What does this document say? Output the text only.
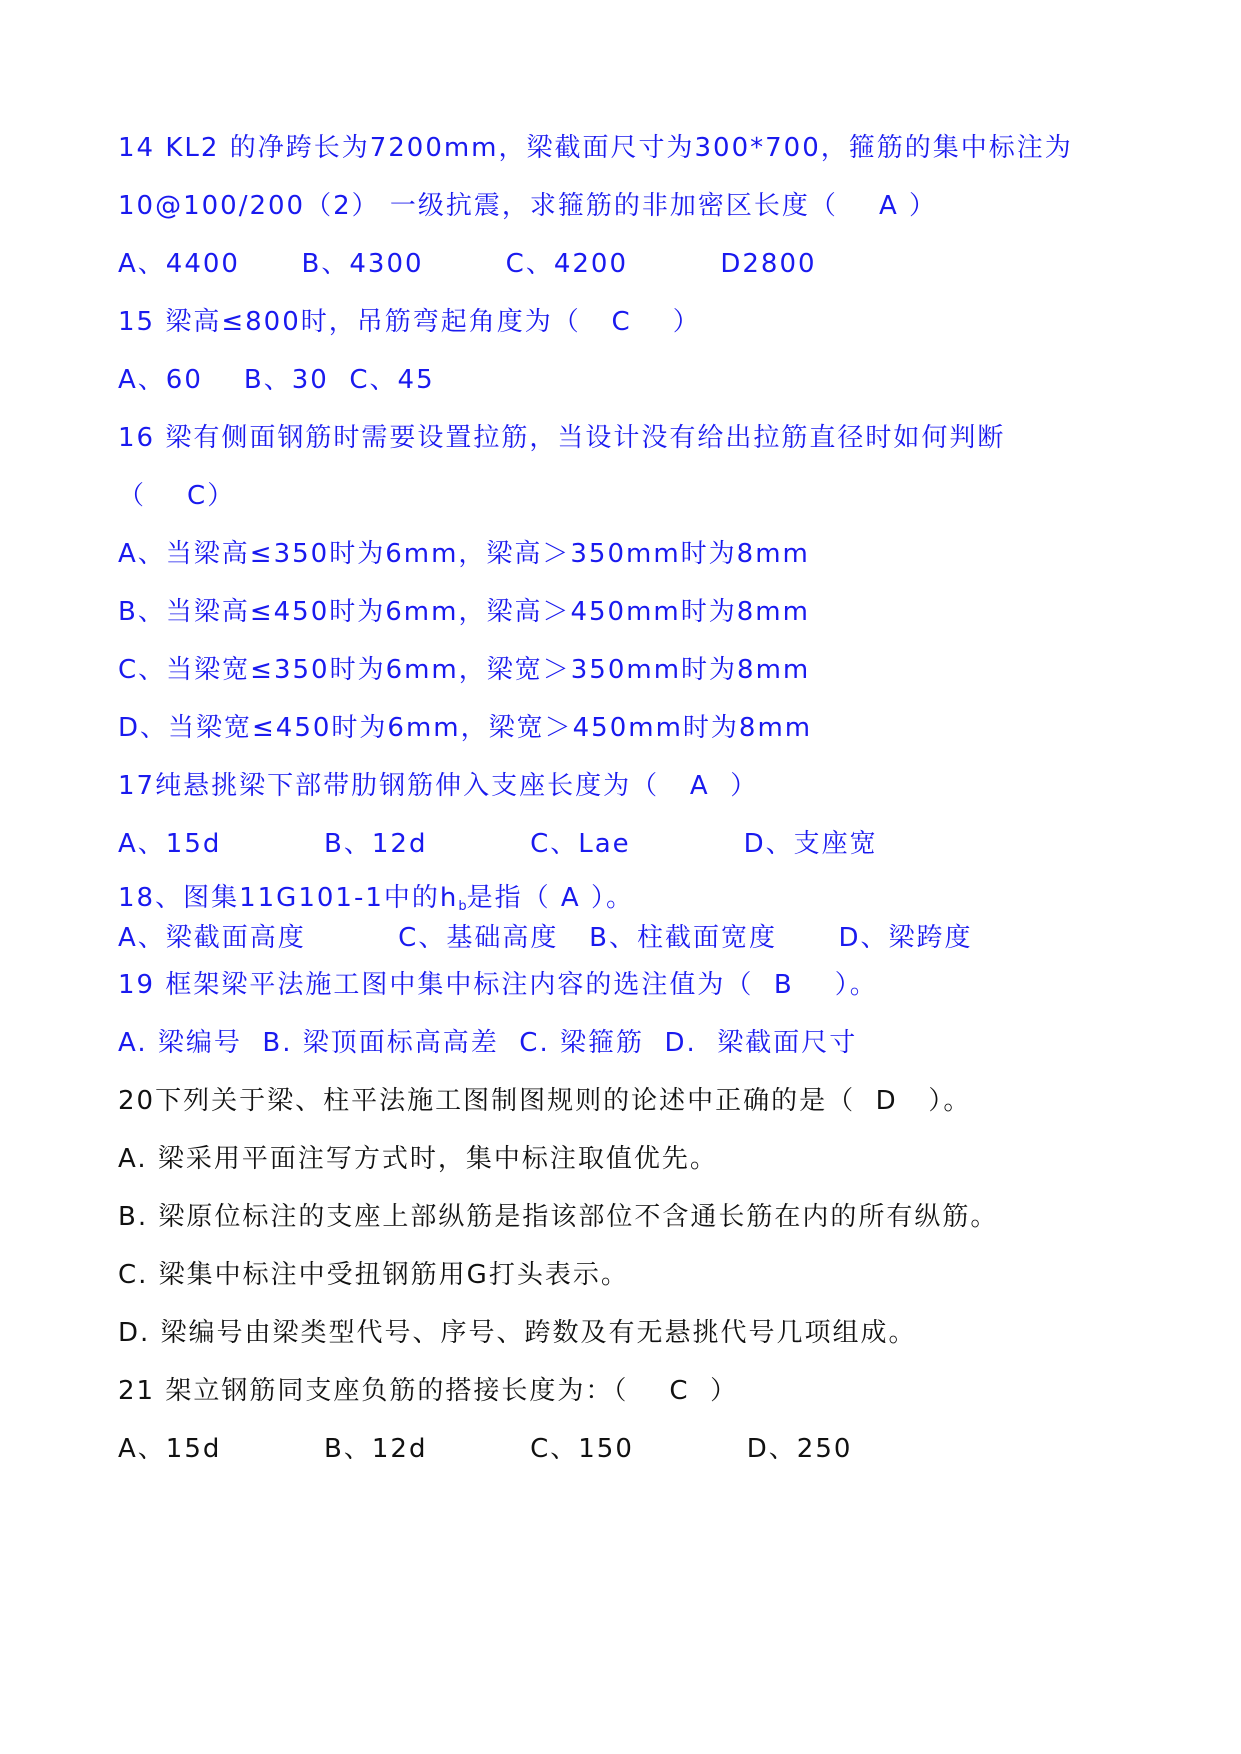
14 KL2 的净跨长为7200mm，梁截面尺寸为300*700，箍筋的集中标注为
10@100/200（2） 一级抗震，求箍筋的非加密区长度（    A ）
A、4400      B、4300        C、4200         D2800
15 梁高≤800时，吊筋弯起角度为（   C    ）
A、60    B、30  C、45
16 梁有侧面钢筋时需要设置拉筋，当设计没有给出拉筋直径时如何判断
（    C）
A、当梁高≤350时为6mm，梁高＞350mm时为8mm
B、当梁高≤450时为6mm，梁高＞450mm时为8mm
C、当梁宽≤350时为6mm，梁宽＞350mm时为8mm
D、当梁宽≤450时为6mm，梁宽＞450mm时为8mm
17纯悬挑梁下部带肋钢筋伸入支座长度为（   A  ）
A、15d          B、12d          C、Lae           D、支座宽
18、图集11G101-1中的$h_b$是指（ A ）。
A、梁截面高度         C、基础高度   B、柱截面宽度      D、梁跨度
19 框架梁平法施工图中集中标注内容的选注值为（  B    ）。
A. 梁编号  B. 梁顶面标高高差  C. 梁箍筋  D.  梁截面尺寸
20下列关于梁、柱平法施工图制图规则的论述中正确的是（  D   ）。
A. 梁采用平面注写方式时，集中标注取值优先。
B. 梁原位标注的支座上部纵筋是指该部位不含通长筋在内的所有纵筋。
C. 梁集中标注中受扭钢筋用G打头表示。
D. 梁编号由梁类型代号、序号、跨数及有无悬挑代号几项组成。
21 架立钢筋同支座负筋的搭接长度为：（    C  ）
A、15d          B、12d          C、150           D、250
